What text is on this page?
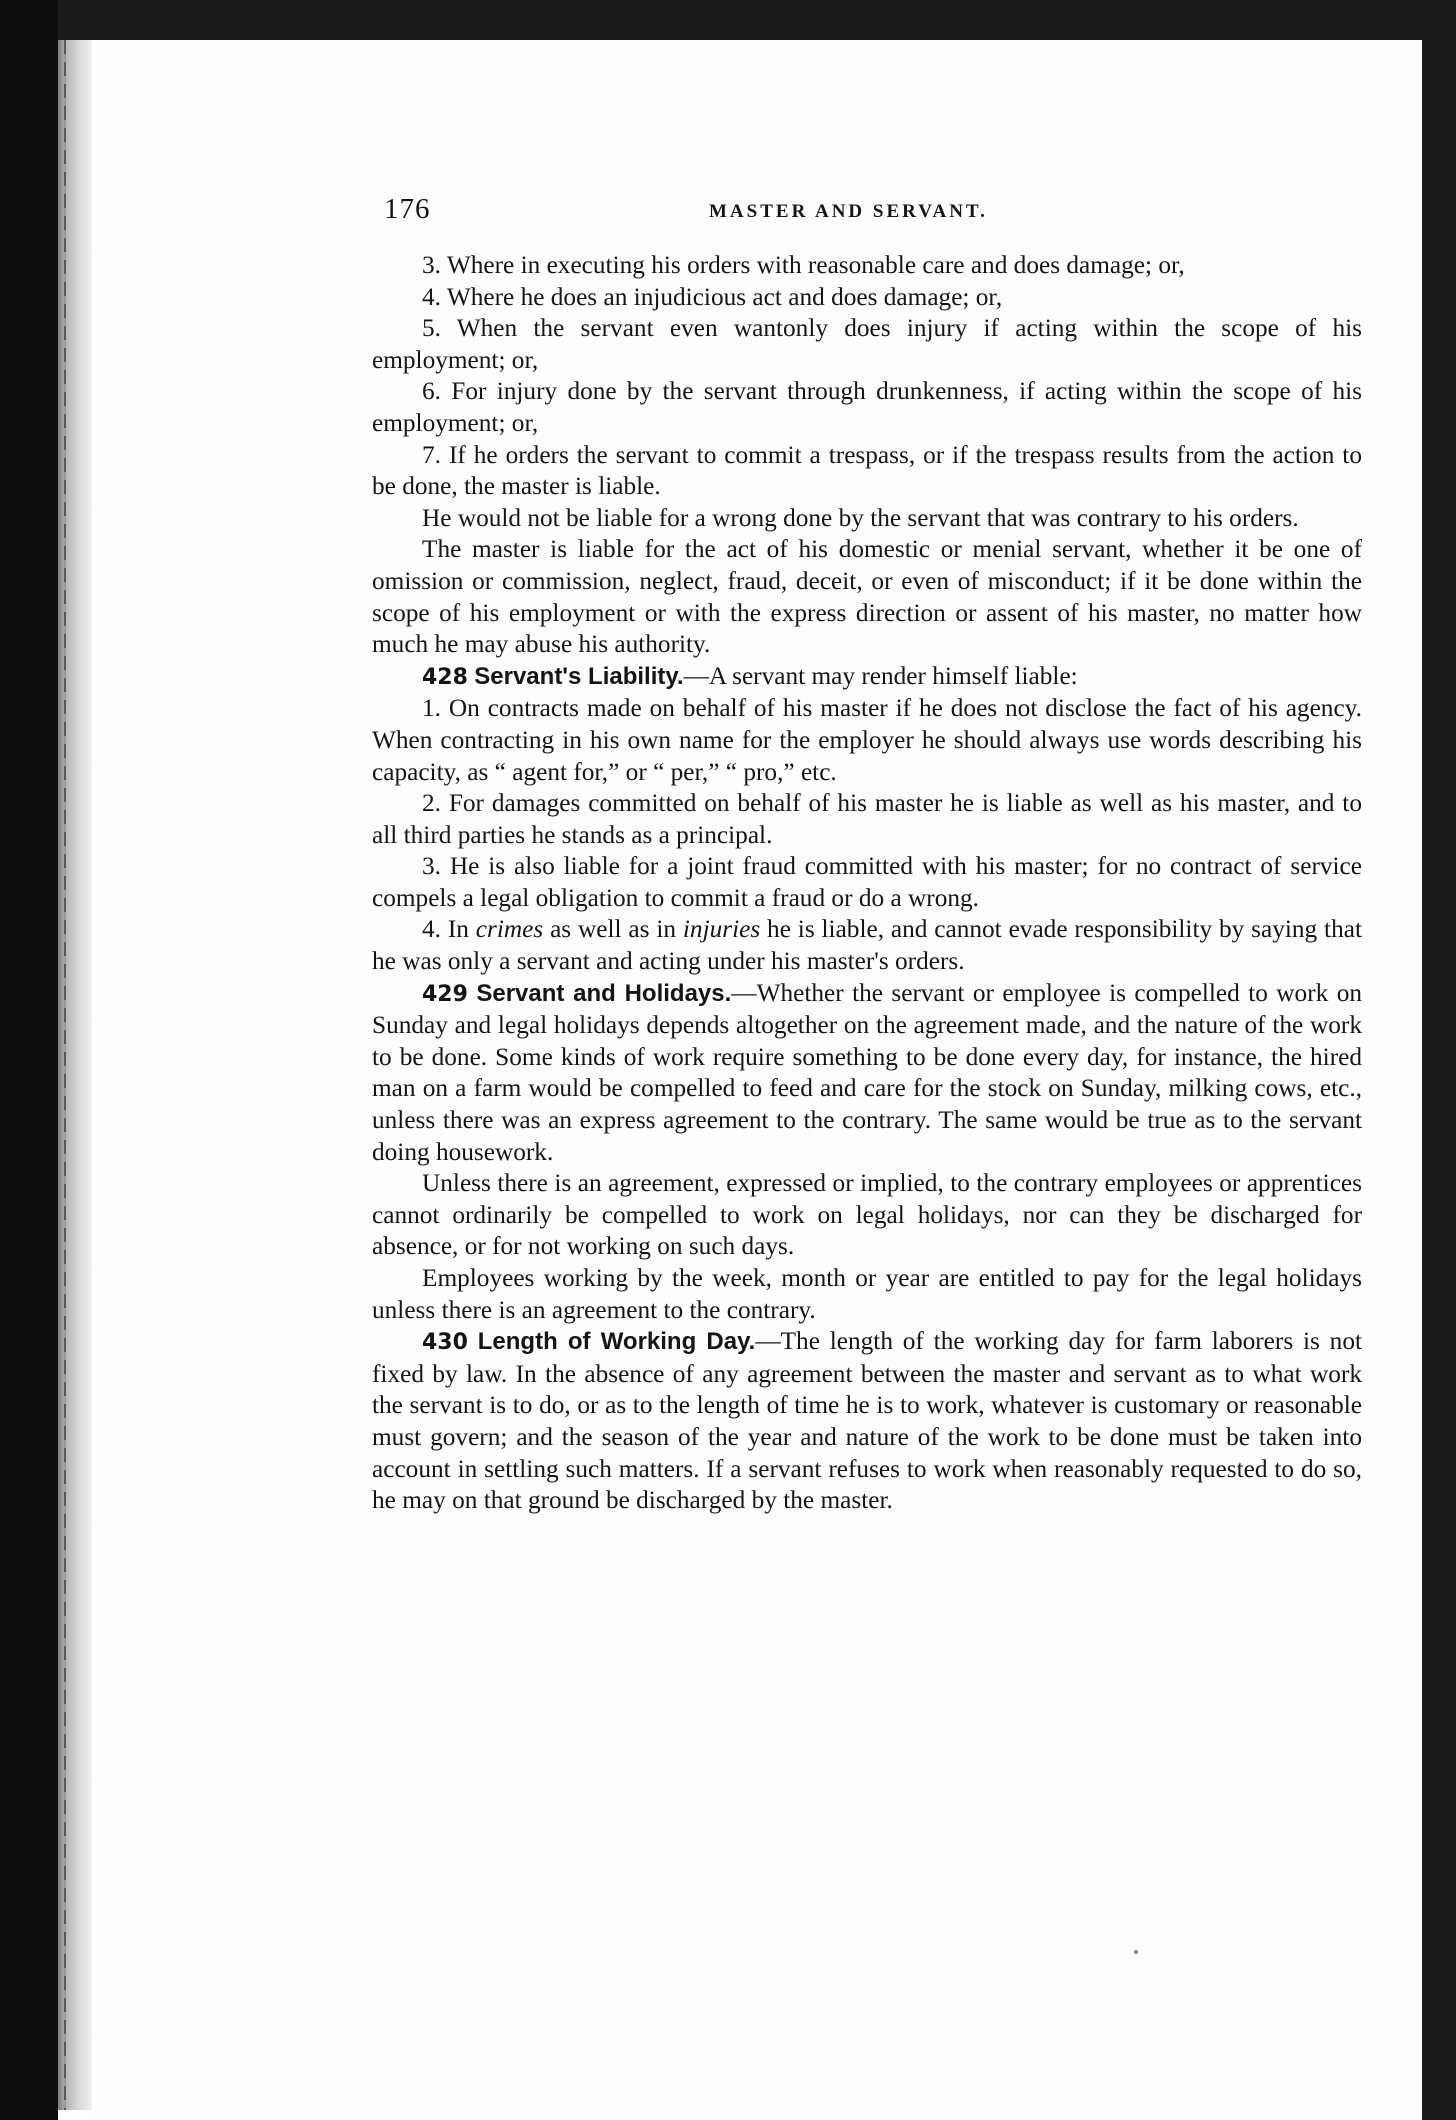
176	MASTER AND SERVANT.

3. Where in executing his orders with reasonable care and does damage; or,

4. Where he does an injudicious act and does damage; or,

5. When the servant even wantonly does injury if acting within the scope of his employment; or,

6. For injury done by the servant through drunkenness, if acting within the scope of his employment; or,

7. If he orders the servant to commit a trespass, or if the trespass results from the action to be done, the master is liable.

He would not be liable for a wrong done by the servant that was contrary to his orders.

The master is liable for the act of his domestic or menial servant, whether it be one of omission or commission, neglect, fraud, deceit, or even of misconduct; if it be done within the scope of his employment or with the express direction or assent of his master, no matter how much he may abuse his authority.

428 Servant's Liability.—A servant may render himself liable:

1. On contracts made on behalf of his master if he does not disclose the fact of his agency. When contracting in his own name for the employer he should always use words describing his capacity, as “ agent for,” or “ per,” “ pro,” etc.

2. For damages committed on behalf of his master he is liable as well as his master, and to all third parties he stands as a principal.

3. He is also liable for a joint fraud committed with his master; for no contract of service compels a legal obligation to commit a fraud or do a wrong.

4. In crimes as well as in injuries he is liable, and cannot evade responsibility by saying that he was only a servant and acting under his master's orders.

429 Servant and Holidays.—Whether the servant or employee is compelled to work on Sunday and legal holidays depends altogether on the agreement made, and the nature of the work to be done. Some kinds of work require something to be done every day, for instance, the hired man on a farm would be compelled to feed and care for the stock on Sunday, milking cows, etc., unless there was an express agreement to the contrary. The same would be true as to the servant doing housework.

Unless there is an agreement, expressed or implied, to the contrary employees or apprentices cannot ordinarily be compelled to work on legal holidays, nor can they be discharged for absence, or for not working on such days.

Employees working by the week, month or year are entitled to pay for the legal holidays unless there is an agreement to the contrary.

430 Length of Working Day.—The length of the working day for farm laborers is not fixed by law. In the absence of any agreement between the master and servant as to what work the servant is to do, or as to the length of time he is to work, whatever is customary or reasonable must govern; and the season of the year and nature of the work to be done must be taken into account in settling such matters. If a servant refuses to work when reasonably requested to do so, he may on that ground be discharged by the master.
